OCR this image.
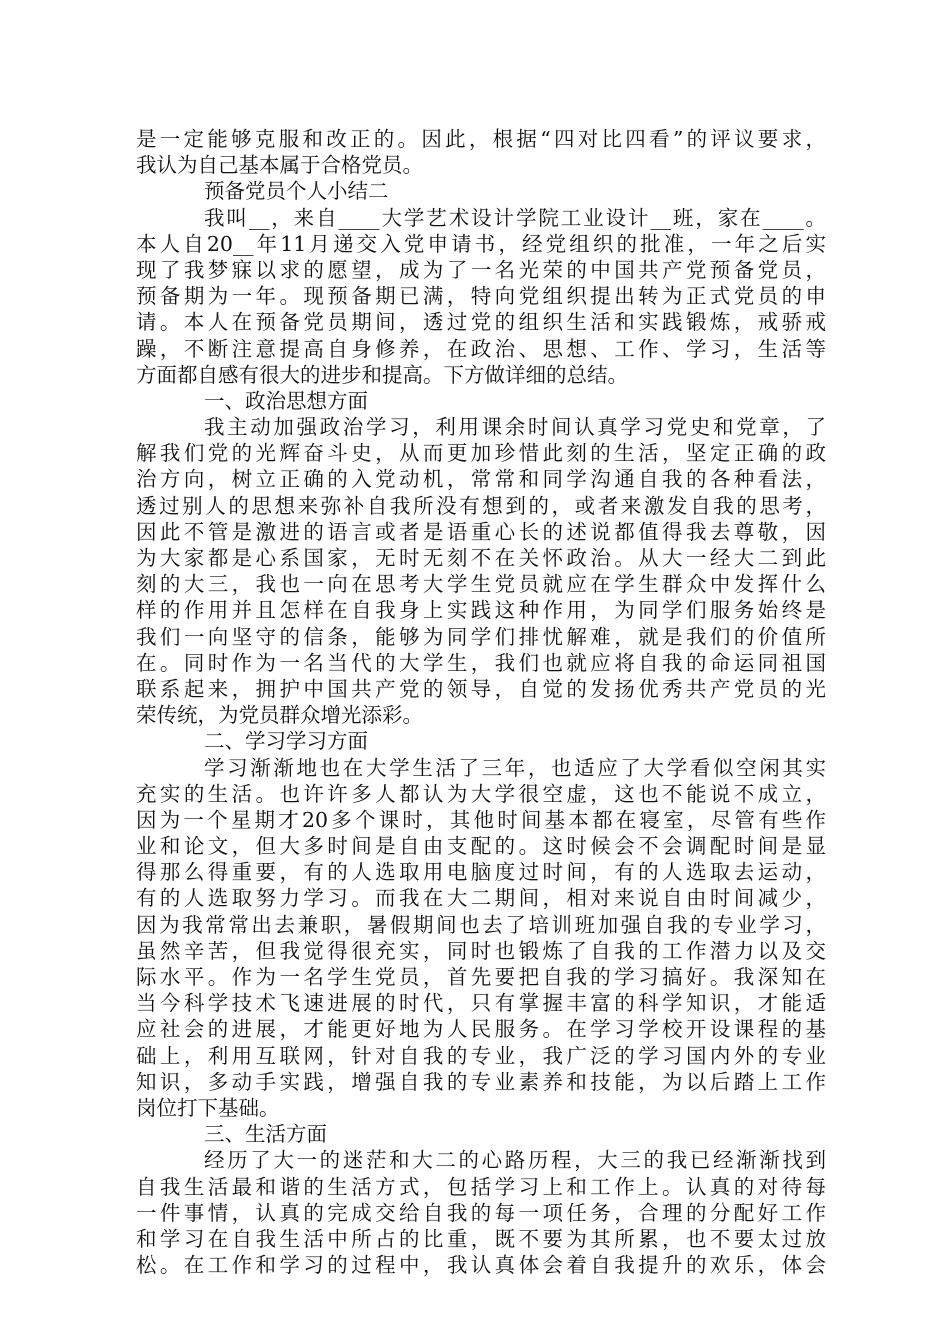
是一定能够克服和改正的。因此，根据“四对比四看”的评议要求，
我认为自己基本属于合格党员。
预备党员个人小结二
我叫__，来自____大学艺术设计学院工业设计__班，家在____。
本人自20__年11月递交入党申请书，经党组织的批准，一年之后实
现了我梦寐以求的愿望，成为了一名光荣的中国共产党预备党员，
预备期为一年。现预备期已满，特向党组织提出转为正式党员的申
请。本人在预备党员期间，透过党的组织生活和实践锻炼，戒骄戒
躁，不断注意提高自身修养，在政治、思想、工作、学习，生活等
方面都自感有很大的进步和提高。下方做详细的总结。
一、政治思想方面
我主动加强政治学习，利用课余时间认真学习党史和党章，了
解我们党的光辉奋斗史，从而更加珍惜此刻的生活，坚定正确的政
治方向，树立正确的入党动机，常常和同学沟通自我的各种看法，
透过别人的思想来弥补自我所没有想到的，或者来激发自我的思考，
因此不管是激进的语言或者是语重心长的述说都值得我去尊敬，因
为大家都是心系国家，无时无刻不在关怀政治。从大一经大二到此
刻的大三，我也一向在思考大学生党员就应在学生群众中发挥什么
样的作用并且怎样在自我身上实践这种作用，为同学们服务始终是
我们一向坚守的信条，能够为同学们排忧解难，就是我们的价值所
在。同时作为一名当代的大学生，我们也就应将自我的命运同祖国
联系起来，拥护中国共产党的领导，自觉的发扬优秀共产党员的光
荣传统，为党员群众增光添彩。
二、学习学习方面
学习渐渐地也在大学生活了三年，也适应了大学看似空闲其实
充实的生活。也许许多人都认为大学很空虚，这也不能说不成立，
因为一个星期才20多个课时，其他时间基本都在寝室，尽管有些作
业和论文，但大多时间是自由支配的。这时候会不会调配时间是显
得那么得重要，有的人选取用电脑度过时间，有的人选取去运动，
有的人选取努力学习。而我在大二期间，相对来说自由时间减少，
因为我常常出去兼职，暑假期间也去了培训班加强自我的专业学习，
虽然辛苦，但我觉得很充实，同时也锻炼了自我的工作潜力以及交
际水平。作为一名学生党员，首先要把自我的学习搞好。我深知在
当今科学技术飞速进展的时代，只有掌握丰富的科学知识，才能适
应社会的进展，才能更好地为人民服务。在学习学校开设课程的基
础上，利用互联网，针对自我的专业，我广泛的学习国内外的专业
知识，多动手实践，增强自我的专业素养和技能，为以后踏上工作
岗位打下基础。
三、生活方面
经历了大一的迷茫和大二的心路历程，大三的我已经渐渐找到
自我生活最和谐的生活方式，包括学习上和工作上。认真的对待每
一件事情，认真的完成交给自我的每一项任务，合理的分配好工作
和学习在自我生活中所占的比重，既不要为其所累，也不要太过放
松。在工作和学习的过程中，我认真体会着自我提升的欢乐，体会
